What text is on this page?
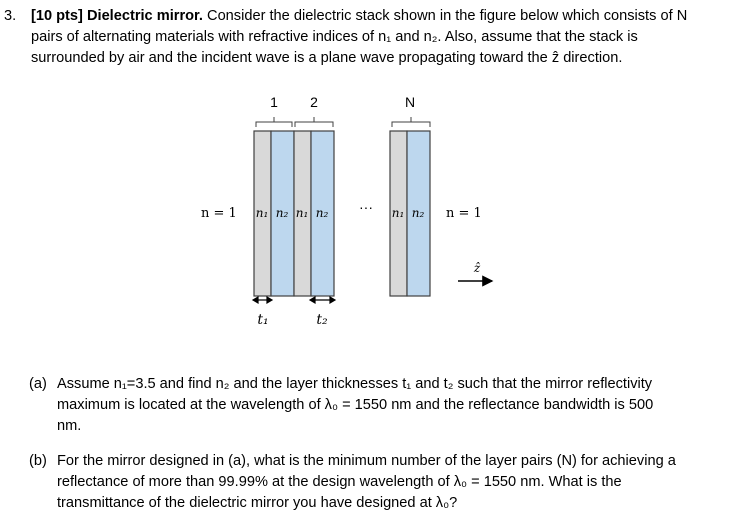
3. [10 pts] Dielectric mirror. Consider the dielectric stack shown in the figure below which consists of N
pairs of alternating materials with refractive indices of n₁ and n₂. Also, assume that the stack is
surrounded by air and the incident wave is a plane wave propagating toward the ẑ direction.
1 2	N
n₁ n₂ n₁ n₂	n₁ n₂
n = 1	n = 1
···
ẑ
t₁	t₂
(a) Assume n₁=3.5 and find n₂ and the layer thicknesses t₁ and t₂ such that the mirror reflectivity
maximum is located at the wavelength of λ₀ = 1550 nm and the reflectance bandwidth is 500
nm.
(b) For the mirror designed in (a), what is the minimum number of the layer pairs (N) for achieving a
reflectance of more than 99.99% at the design wavelength of λ₀ = 1550 nm. What is the
transmittance of the dielectric mirror you have designed at λ₀?
